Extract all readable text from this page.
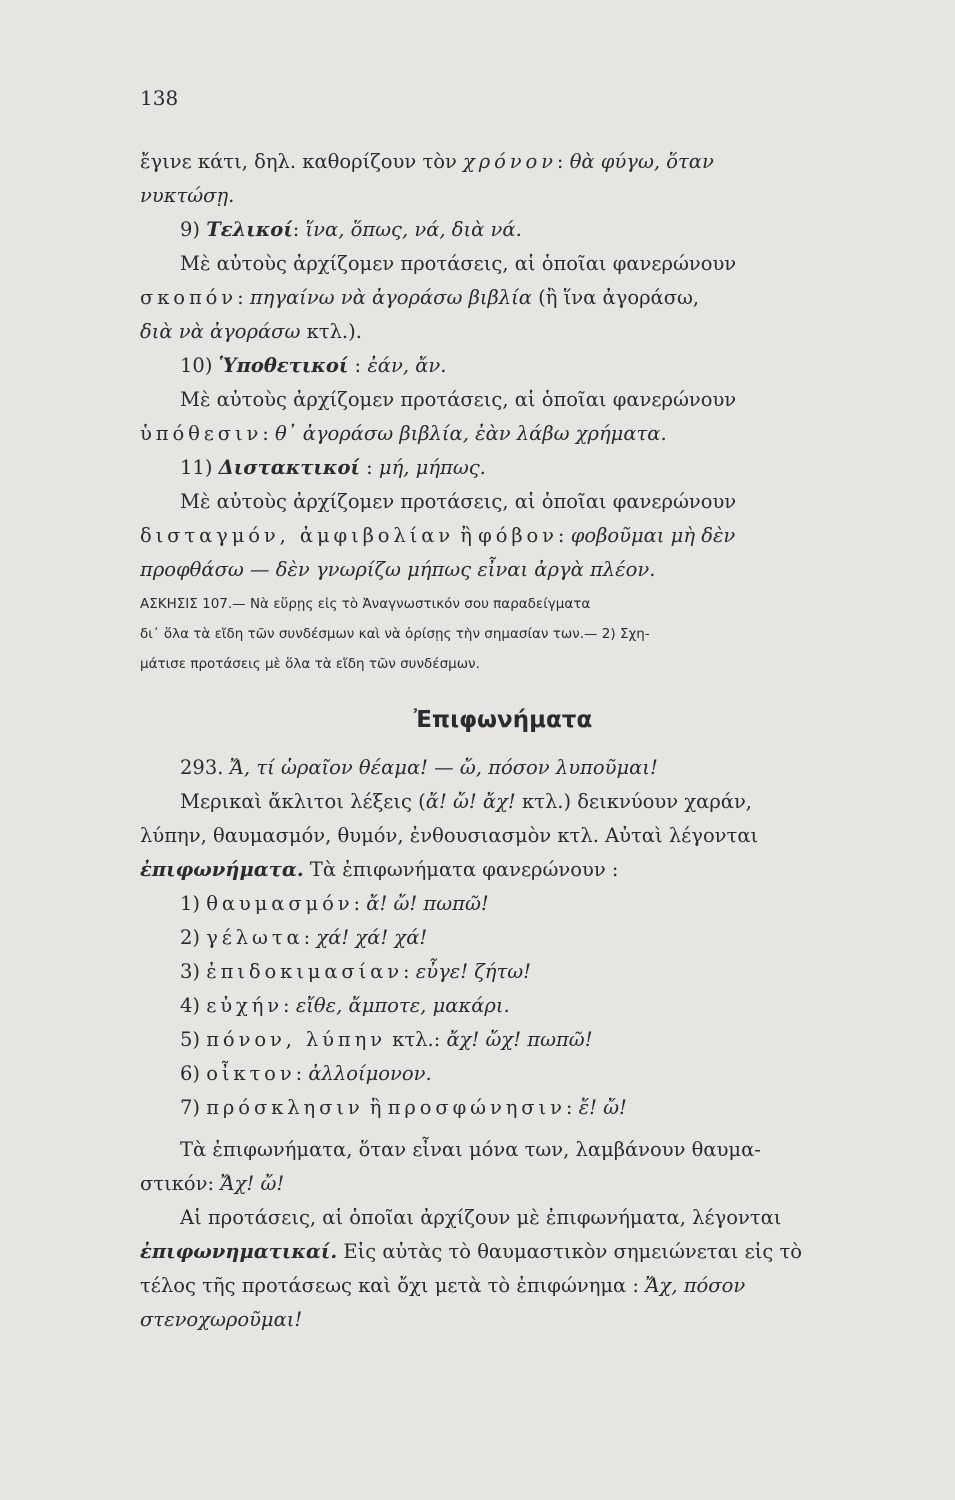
138
ἔγινε κάτι, δηλ. καθορίζουν τὸν χρόνον: θὰ φύγω, ὅταν
νυκτώσῃ.
9) Τελικοί: ἵνα, ὅπως, νά, διὰ νά.
Μὲ αὐτοὺς ἀρχίζομεν προτάσεις, αἱ ὁποῖαι φανερώνουν
σκοπόν: πηγαίνω νὰ ἀγοράσω βιβλία (ἢ ἵνα ἀγοράσω,
διὰ νὰ ἀγοράσω κτλ.).
10) Ὑποθετικοί : ἐάν, ἄν.
Μὲ αὐτοὺς ἀρχίζομεν προτάσεις, αἱ ὁποῖαι φανερώνουν
ὑπόθεσιν: θ᾽ ἀγοράσω βιβλία, ἐὰν λάβω χρήματα.
11) Διστακτικοί : μή, μήπως.
Μὲ αὐτοὺς ἀρχίζομεν προτάσεις, αἱ ὁποῖαι φανερώνουν
δισταγμόν, ἀμφιβολίαν ἢ φόβον: φοβοῦμαι μὴ δὲν
προφθάσω — δὲν γνωρίζω μήπως εἶναι ἀργὰ πλέον.
ΑΣΚΗΣΙΣ 107.— Νὰ εὕρῃς εἰς τὸ Ἀναγνωστικόν σου παραδείγματα
δι᾽ ὅλα τὰ εἴδη τῶν συνδέσμων καὶ νὰ ὁρίσῃς τὴν σημασίαν των.— 2) Σχη-
μάτισε προτάσεις μὲ ὅλα τὰ εἴδη τῶν συνδέσμων.
Ἐπιφωνήματα
293. Ἄ, τί ὡραῖον θέαμα! — ὤ, πόσον λυποῦμαι!
Μερικαὶ ἄκλιτοι λέξεις (ἄ! ὤ! ἄχ! κτλ.) δεικνύουν χαράν,
λύπην, θαυμασμόν, θυμόν, ἐνθουσιασμὸν κτλ. Αὐταὶ λέγονται
ἐπιφωνήματα. Τὰ ἐπιφωνήματα φανερώνουν :
1) θαυμασμόν: ἄ! ὤ! πωπῶ!
2) γέλωτα: χά! χά! χά!
3) ἐπιδοκιμασίαν: εὖγε! ζήτω!
4) εὐχήν: εἴθε, ἄμποτε, μακάρι.
5) πόνον, λύπην κτλ.: ἄχ! ὤχ! πωπῶ!
6) οἶκτον: ἀλλοίμονον.
7) πρόσκλησιν ἢ προσφώνησιν: ἔ! ὤ!
Τὰ ἐπιφωνήματα, ὅταν εἶναι μόνα των, λαμβάνουν θαυμα-
στικόν: Ἄχ! ὤ!
Αἱ προτάσεις, αἱ ὁποῖαι ἀρχίζουν μὲ ἐπιφωνήματα, λέγονται
ἐπιφωνηματικαί. Εἰς αὐτὰς τὸ θαυμαστικὸν σημειώνεται εἰς τὸ
τέλος τῆς προτάσεως καὶ ὄχι μετὰ τὸ ἐπιφώνημα : Ἄχ, πόσον
στενοχωροῦμαι!
